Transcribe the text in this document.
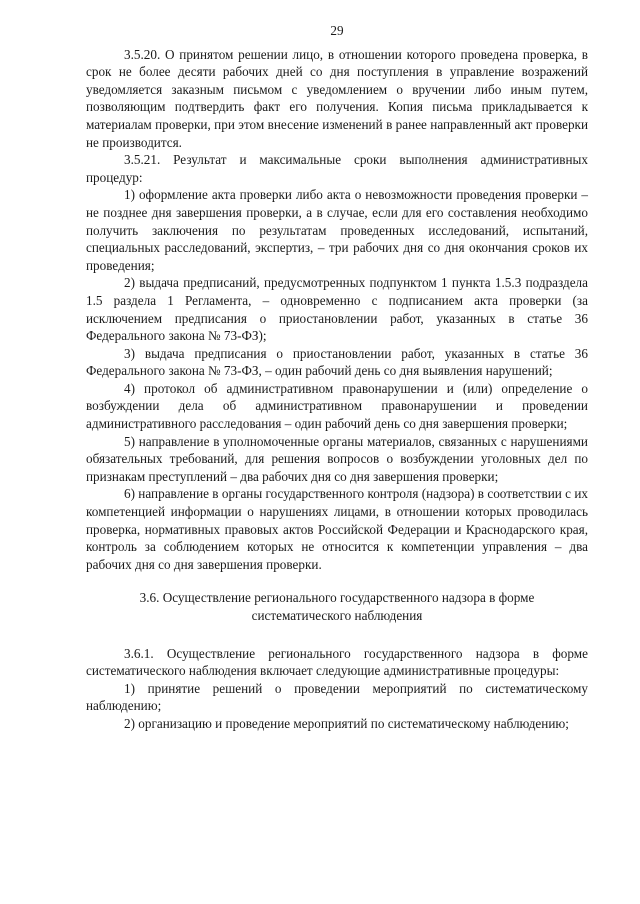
29

3.5.20. О принятом решении лицо, в отношении которого проведена проверка, в срок не более десяти рабочих дней со дня поступления в управление возражений уведомляется заказным письмом с уведомлением о вручении либо иным путем, позволяющим подтвердить факт его получения. Копия письма прикладывается к материалам проверки, при этом внесение изменений в ранее направленный акт проверки не производится.

3.5.21. Результат и максимальные сроки выполнения административных процедур:

1) оформление акта проверки либо акта о невозможности проведения проверки – не позднее дня завершения проверки, а в случае, если для его составления необходимо получить заключения по результатам проведенных исследований, испытаний, специальных расследований, экспертиз, – три рабочих дня со дня окончания сроков их проведения;

2) выдача предписаний, предусмотренных подпунктом 1 пункта 1.5.3 подраздела 1.5 раздела 1 Регламента, – одновременно с подписанием акта проверки (за исключением предписания о приостановлении работ, указанных в статье 36 Федерального закона № 73-ФЗ);

3) выдача предписания о приостановлении работ, указанных в статье 36 Федерального закона № 73-ФЗ, – один рабочий день со дня выявления нарушений;

4) протокол об административном правонарушении и (или) определение о возбуждении дела об административном правонарушении и проведении административного расследования – один рабочий день со дня завершения проверки;

5) направление в уполномоченные органы материалов, связанных с нарушениями обязательных требований, для решения вопросов о возбуждении уголовных дел по признакам преступлений – два рабочих дня со дня завершения проверки;

6) направление в органы государственного контроля (надзора) в соответствии с их компетенцией информации о нарушениях лицами, в отношении которых проводилась проверка, нормативных правовых актов Российской Федерации и Краснодарского края, контроль за соблюдением которых не относится к компетенции управления – два рабочих дня со дня завершения проверки.

3.6. Осуществление регионального государственного надзора в форме систематического наблюдения

3.6.1. Осуществление регионального государственного надзора в форме систематического наблюдения включает следующие административные процедуры:

1) принятие решений о проведении мероприятий по систематическому наблюдению;

2) организацию и проведение мероприятий по систематическому наблюдению;
